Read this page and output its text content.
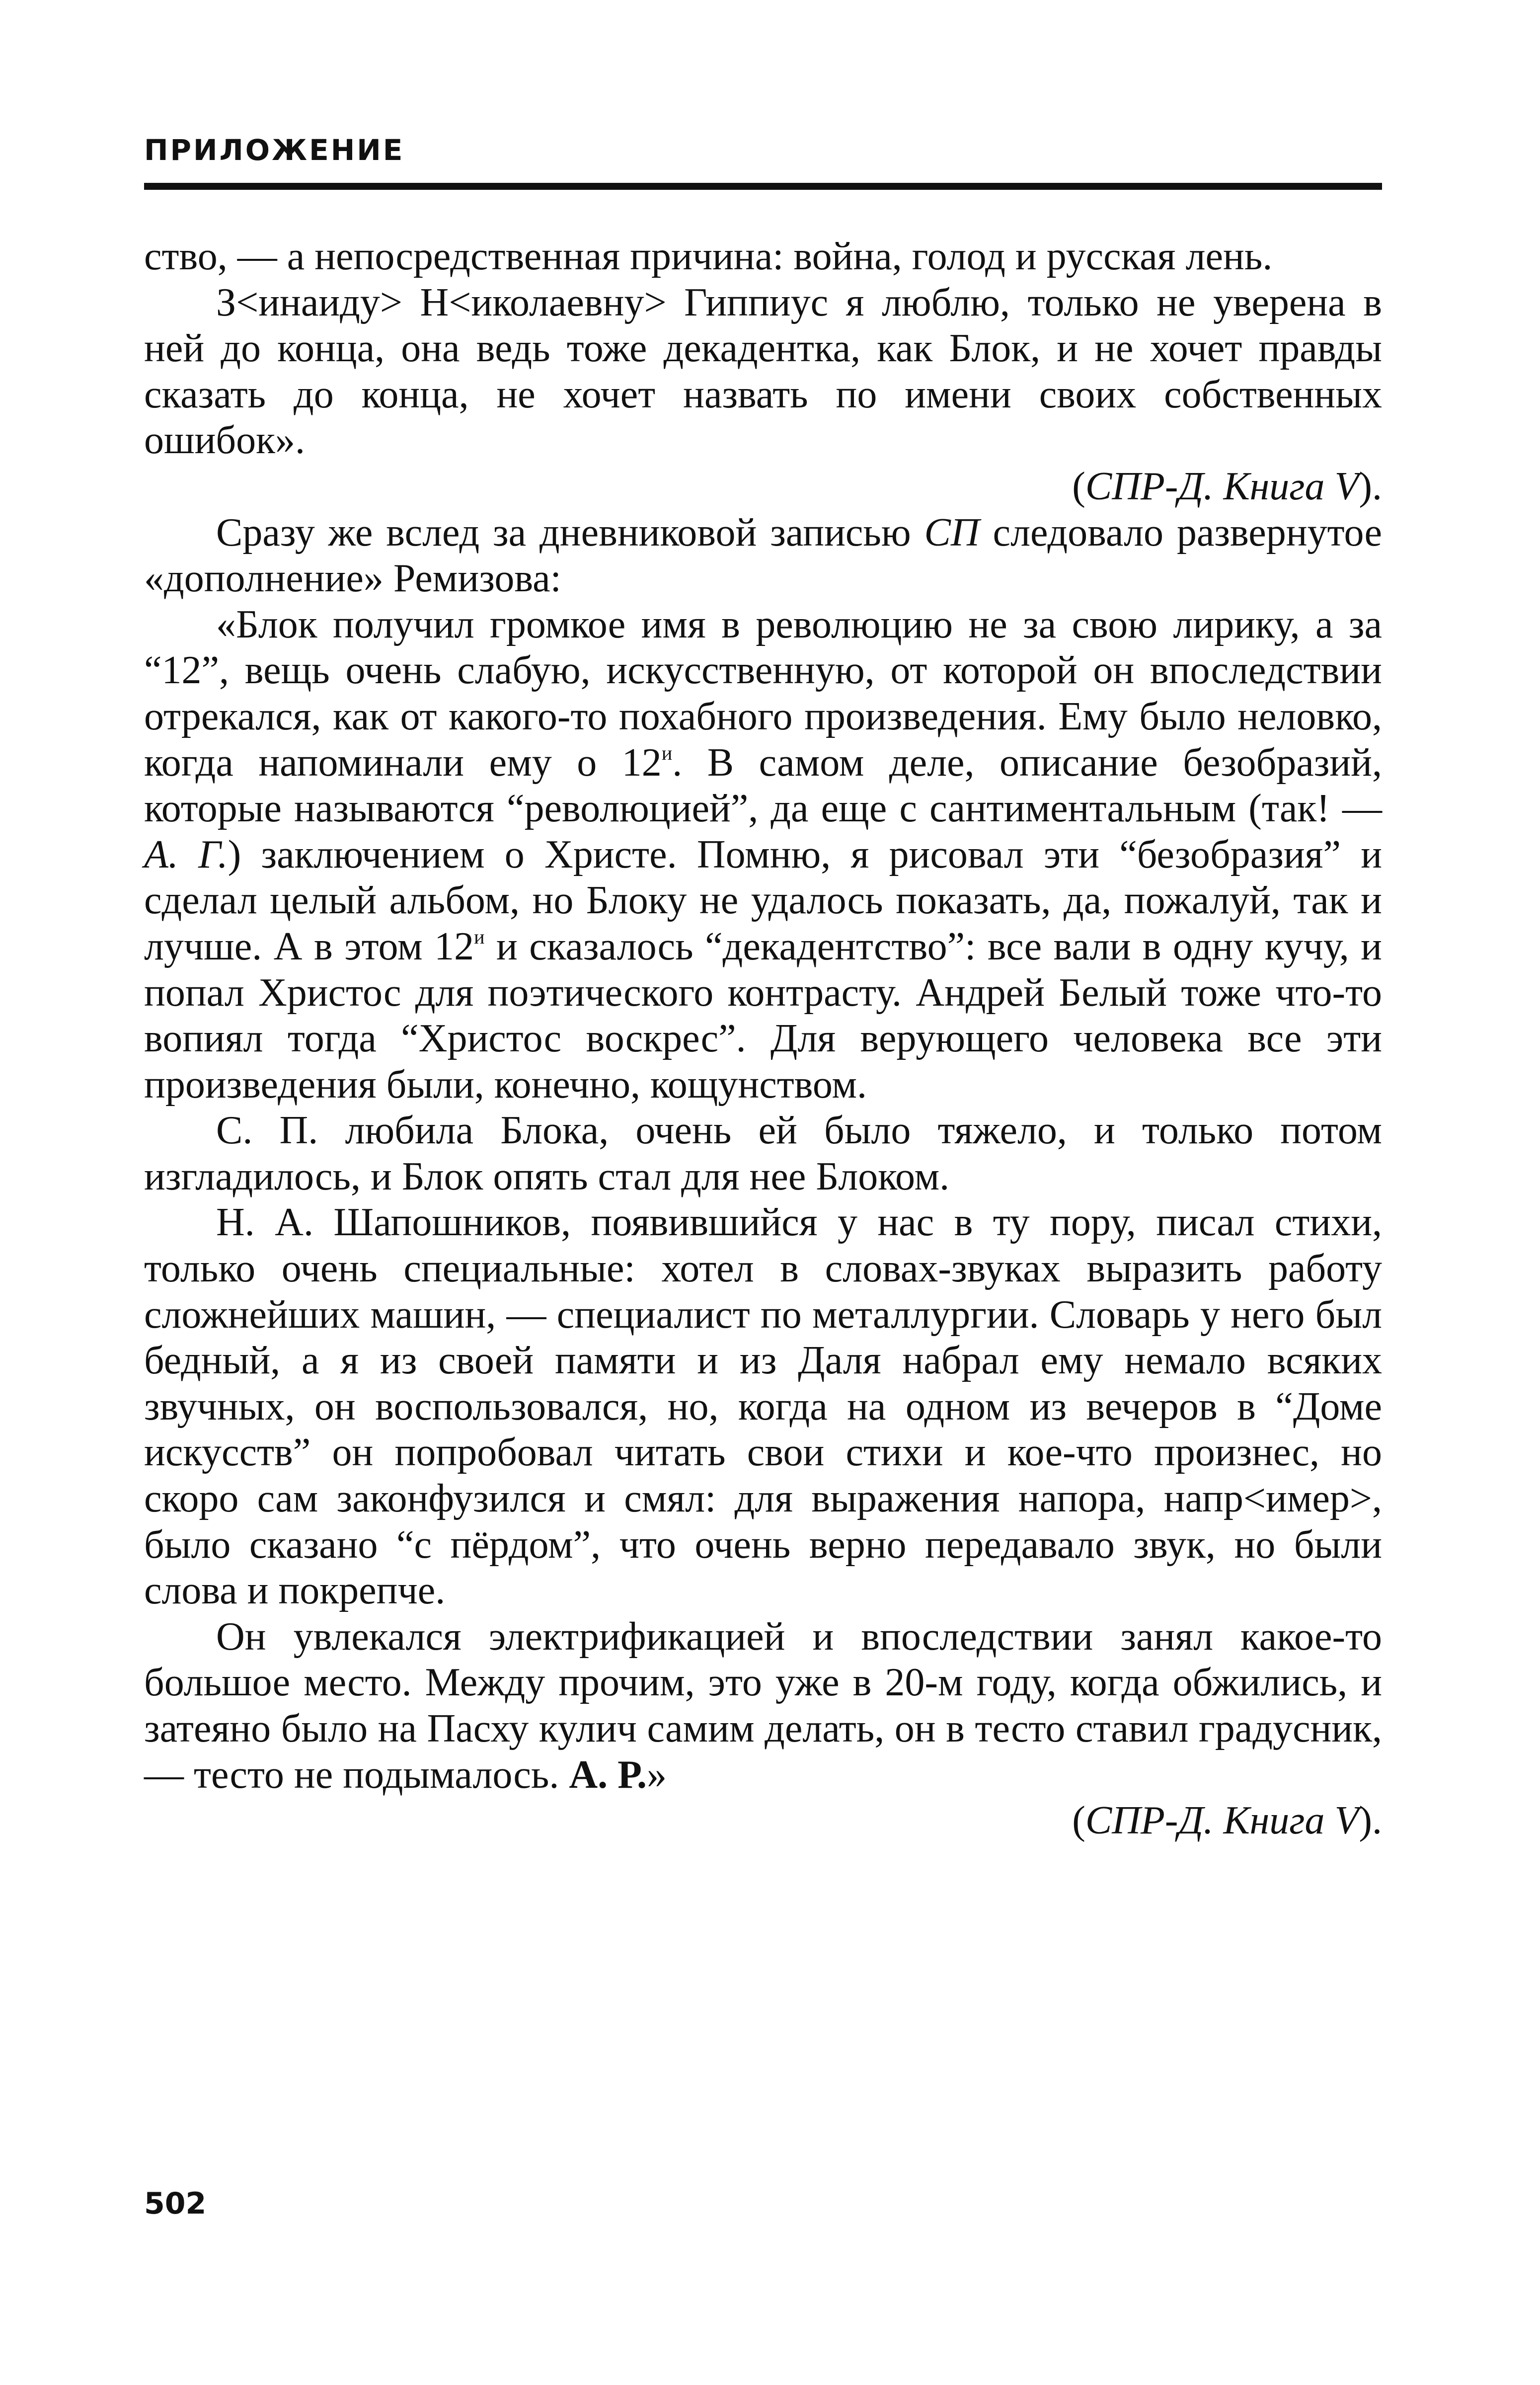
ПРИЛОЖЕНИЕ

ство, — а непосредственная причина: война, голод и русская лень.

З<инаиду> Н<иколаевну> Гиппиус я люблю, только не уверена в ней до конца, она ведь тоже декадентка, как Блок, и не хочет правды сказать до конца, не хочет назвать по имени своих собственных ошибок».

(СПР-Д. Книга V).

Сразу же вслед за дневниковой записью СП следовало развернутое «дополнение» Ремизова:

«Блок получил громкое имя в революцию не за свою лирику, а за “12”, вещь очень слабую, искусственную, от которой он впоследствии отрекался, как от какого-то похабного произведения. Ему было неловко, когда напоминали ему о $12^и$. В самом деле, описание безобразий, которые называются “революцией”, да еще с сантиментальным (так! — А. Г.) заключением о Христе. Помню, я рисовал эти “безобразия” и сделал целый альбом, но Блоку не удалось показать, да, пожалуй, так и лучше. А в этом $12^и$ и сказалось “декадентство”: все вали в одну кучу, и попал Христос для поэтического контрасту. Андрей Белый тоже что-то вопиял тогда “Христос воскрес”. Для верующего человека все эти произведения были, конечно, кощунством.

С. П. любила Блока, очень ей было тяжело, и только потом изгладилось, и Блок опять стал для нее Блоком.

Н. А. Шапошников, появившийся у нас в ту пору, писал стихи, только очень специальные: хотел в словах-звуках выразить работу сложнейших машин, — специалист по металлургии. Словарь у него был бедный, а я из своей памяти и из Даля набрал ему немало всяких звучных, он воспользовался, но, когда на одном из вечеров в “Доме искусств” он попробовал читать свои стихи и кое-что произнес, но скоро сам законфузился и смял: для выражения напора, напр<имер>, было сказано “с пёрдом”, что очень верно передавало звук, но были слова и покрепче.

Он увлекался электрификацией и впоследствии занял какое-то большое место. Между прочим, это уже в 20-м году, когда обжились, и затеяно было на Пасху кулич самим делать, он в тесто ставил градусник, — тесто не подымалось. А. Р.»

(СПР-Д. Книга V).

502
